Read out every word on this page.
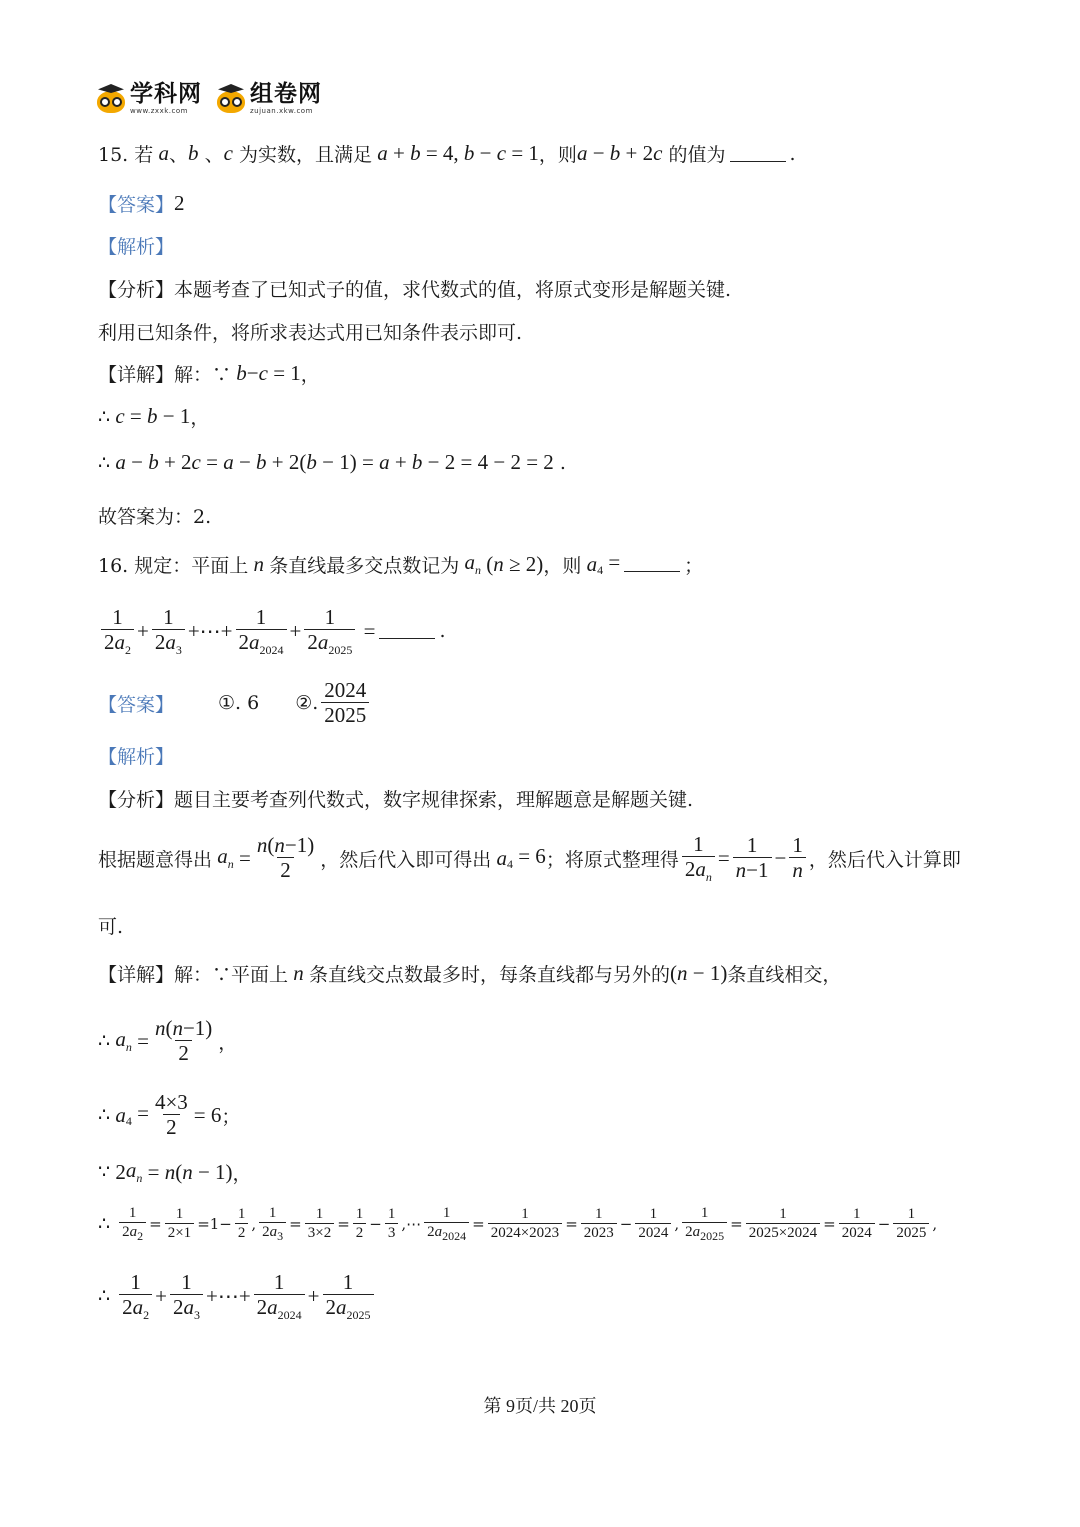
学科网
www.zxxk.com
组卷网
zujuan.xkw.com
15. 若 a 、 b 、 c
为实数，且满足 a + b = 4, b − c = 1 ，则 a − b + 2 c
的值为	.
【答案】 2
【解析】
【分析】 本题考查了已知式子的值，求代数式的值，将原式变形是解题关键.
利用已知条件，将所求表达式用已知条件表示即可.
【详解】 解：∵ b − c = 1 ，
∴ c = b − 1 ，
∴ a − b + 2 c = a − b + 2( b − 1) = a + b − 2 = 4 − 2 = 2 .
故答案为：2.
16. 规定：平面上 n 条直线最多交点数记为 $a_n$ ( n ≥ 2) ，则 a $_4$ =	；
$\frac{1}{2a_2} + \frac{1}{2a_3}$ +⋯+ $\frac{1}{2a_{2024}} + \frac{1}{2a_{2025}}$ =	.
【答案】 ①. 6 ②. $\frac{2024}{2025}$
【解析】
【分析】 题目主要考查列代数式，数字规律探索，理解题意是解题关键.
根据题意得出 $a_n = \frac{n(n-1)}{2}$ ，然后代入即可得出 a $_4$ = 6 ；将原式整理得 $\frac{1}{2a_n} = \frac{1}{n-1} - \frac{1}{n}$ ，然后代入计算即
可.
【详解】 解：∵平面上 n 条直线交点数最多时，每条直线都与另外的 ( n − 1) 条直线相交，
∴ $a_n = \frac{n(n-1)}{2}$ ，
∴ a $_4 = \frac{4\times 3}{2} = 6$ ；
∵ 2 $a_n = n$ ( n − 1) ，
∴ $\frac{1}{2a_2} = \frac{1}{2\times 1} =1- \frac{1}{2}$ , $\frac{1}{2a_3} = \frac{1}{3\times 2} = \frac{1}{2} - \frac{1}{3}$ ,⋯ $\frac{1}{2a_{2024}} = \frac{1}{2024\times 2023} = \frac{1}{2023} - \frac{1}{2024}$ , $\frac{1}{2a_{2025}} = \frac{1}{2025\times 2024} = \frac{1}{2024} - \frac{1}{2025}$ ,
∴ $\frac{1}{2a_2} + \frac{1}{2a_3}$ +⋯+ $\frac{1}{2a_{2024}} + \frac{1}{2a_{2025}}$
第 9页/共 20页
